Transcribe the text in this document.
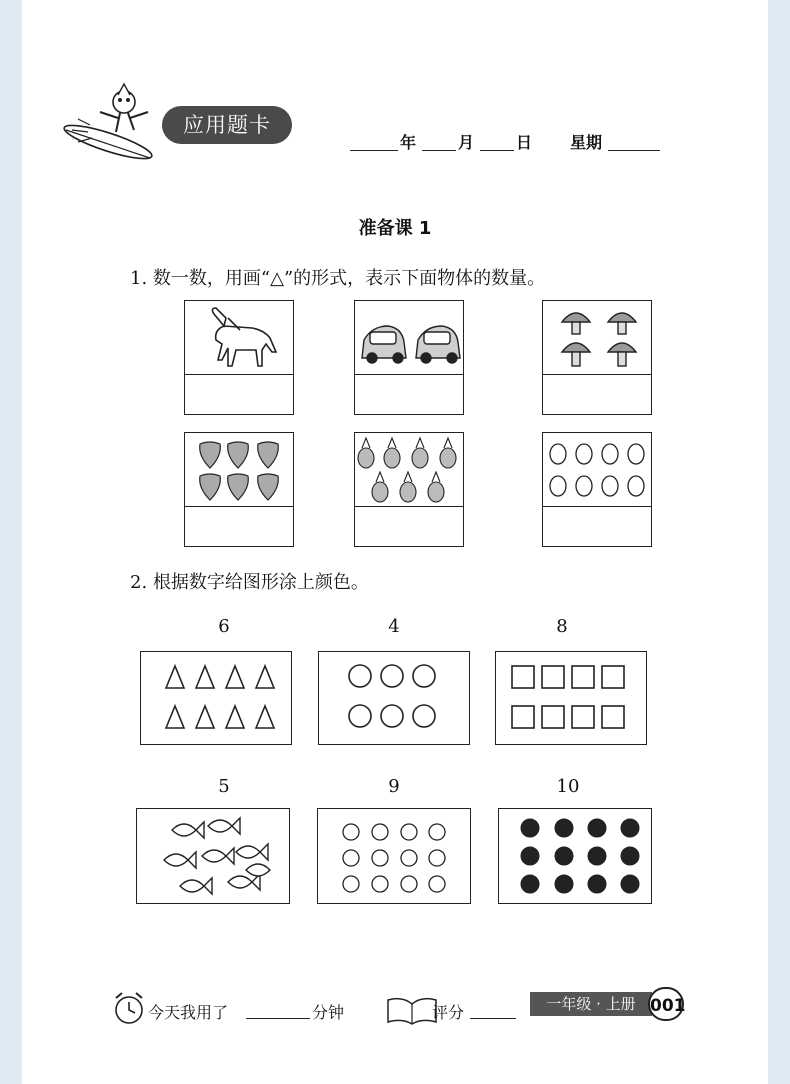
应用题卡
年	月	日 星期
准备课 1
1. 数一数，用画“△”的形式，表示下面物体的数量。
2. 根据数字给图形涂上颜色。
6	4	8
5	9	10
今天我用了	分钟	评分	一年级 · 上册 001
